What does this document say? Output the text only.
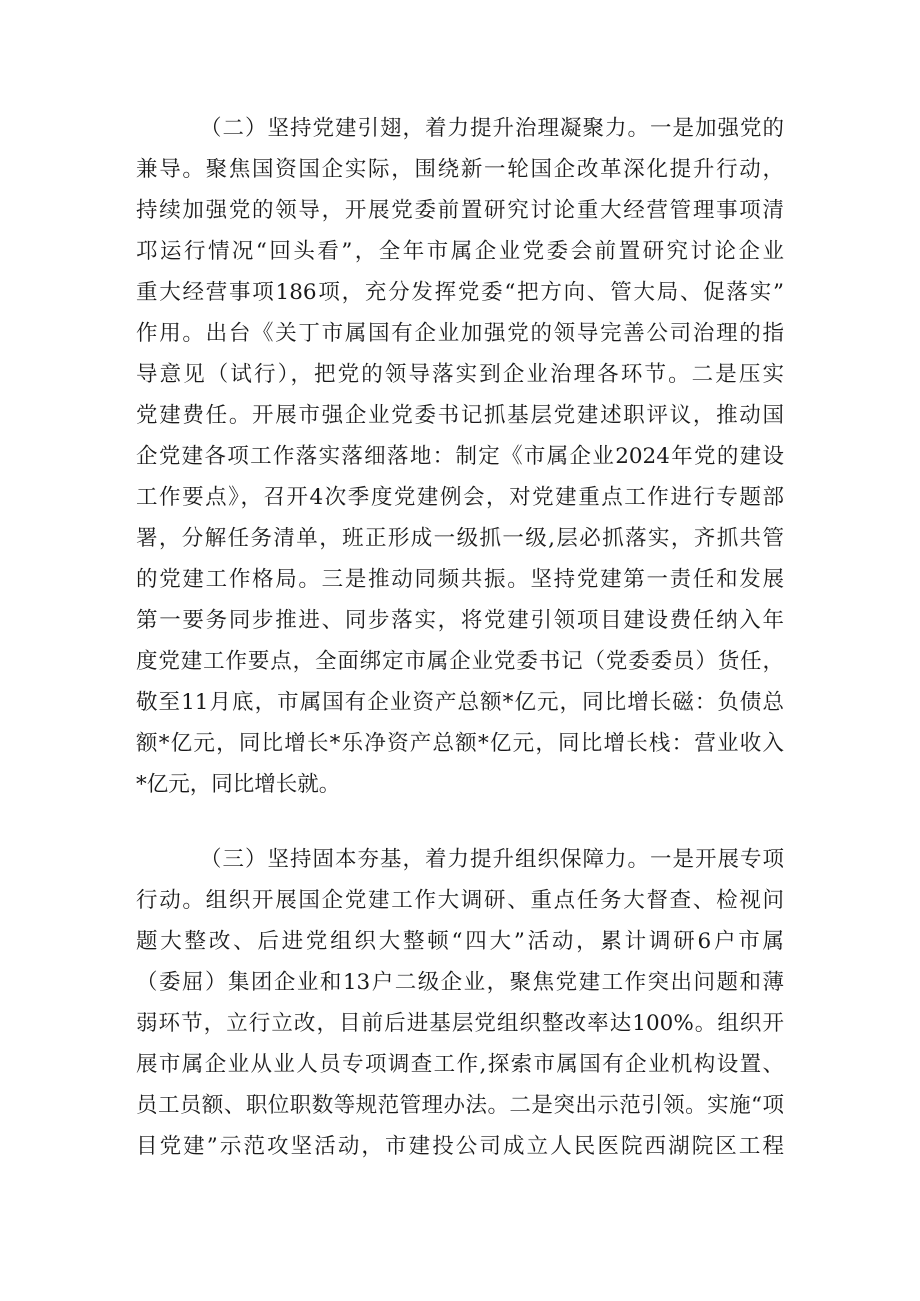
（二）坚持党建引翅，着力提升治理凝聚力。一是加强党的
兼导。聚焦国资国企实际，围绕新一轮国企改革深化提升行动，
持续加强党的领导，开展党委前置研究讨论重大经营管理事项清
邛运行情况“回头看”，全年市属企业党委会前置研究讨论企业
重大经营事项186项，充分发挥党委“把方向、管大局、促落实”
作用。出台《关丁市属国有企业加强党的领导完善公司治理的指
导意见（试行），把党的领导落实到企业治理各环节。二是压实
党建费任。开展市强企业党委书记抓基层党建述职评议，推动国
企党建各项工作落实落细落地：制定《市属企业2024年党的建设
工作要点》，召开4次季度党建例会，对党建重点工作进行专题部
署，分解任务清单，班正形成一级抓一级,层必抓落实，齐抓共管
的党建工作格局。三是推动同频共振。坚持党建第一责任和发展
第一要务同步推进、同步落实，将党建引领项目建设费任纳入年
度党建工作要点，全面绑定市属企业党委书记（党委委员）货任，
敬至11月底，市属国有企业资产总额*亿元，同比增长磁：负债总
额*亿元，同比增长*乐净资产总额*亿元，同比增长栈：营业收入
*亿元，同比增长就。
（三）坚持固本夯基，着力提升组织保障力。一是开展专项
行动。组织开展国企党建工作大调研、重点任务大督查、检视问
题大整改、后进党组织大整顿“四大”活动，累计调研6户市属
（委屈）集团企业和13户二级企业，聚焦党建工作突出问题和薄
弱环节，立行立改，目前后进基层党组织整改率达100%。组织开
展市属企业从业人员专项调查工作,探索市属国有企业机构设置、
员工员额、职位职数等规范管理办法。二是突出示范引领。实施“项
目党建”示范攻坚活动，市建投公司成立人民医院西湖院区工程
